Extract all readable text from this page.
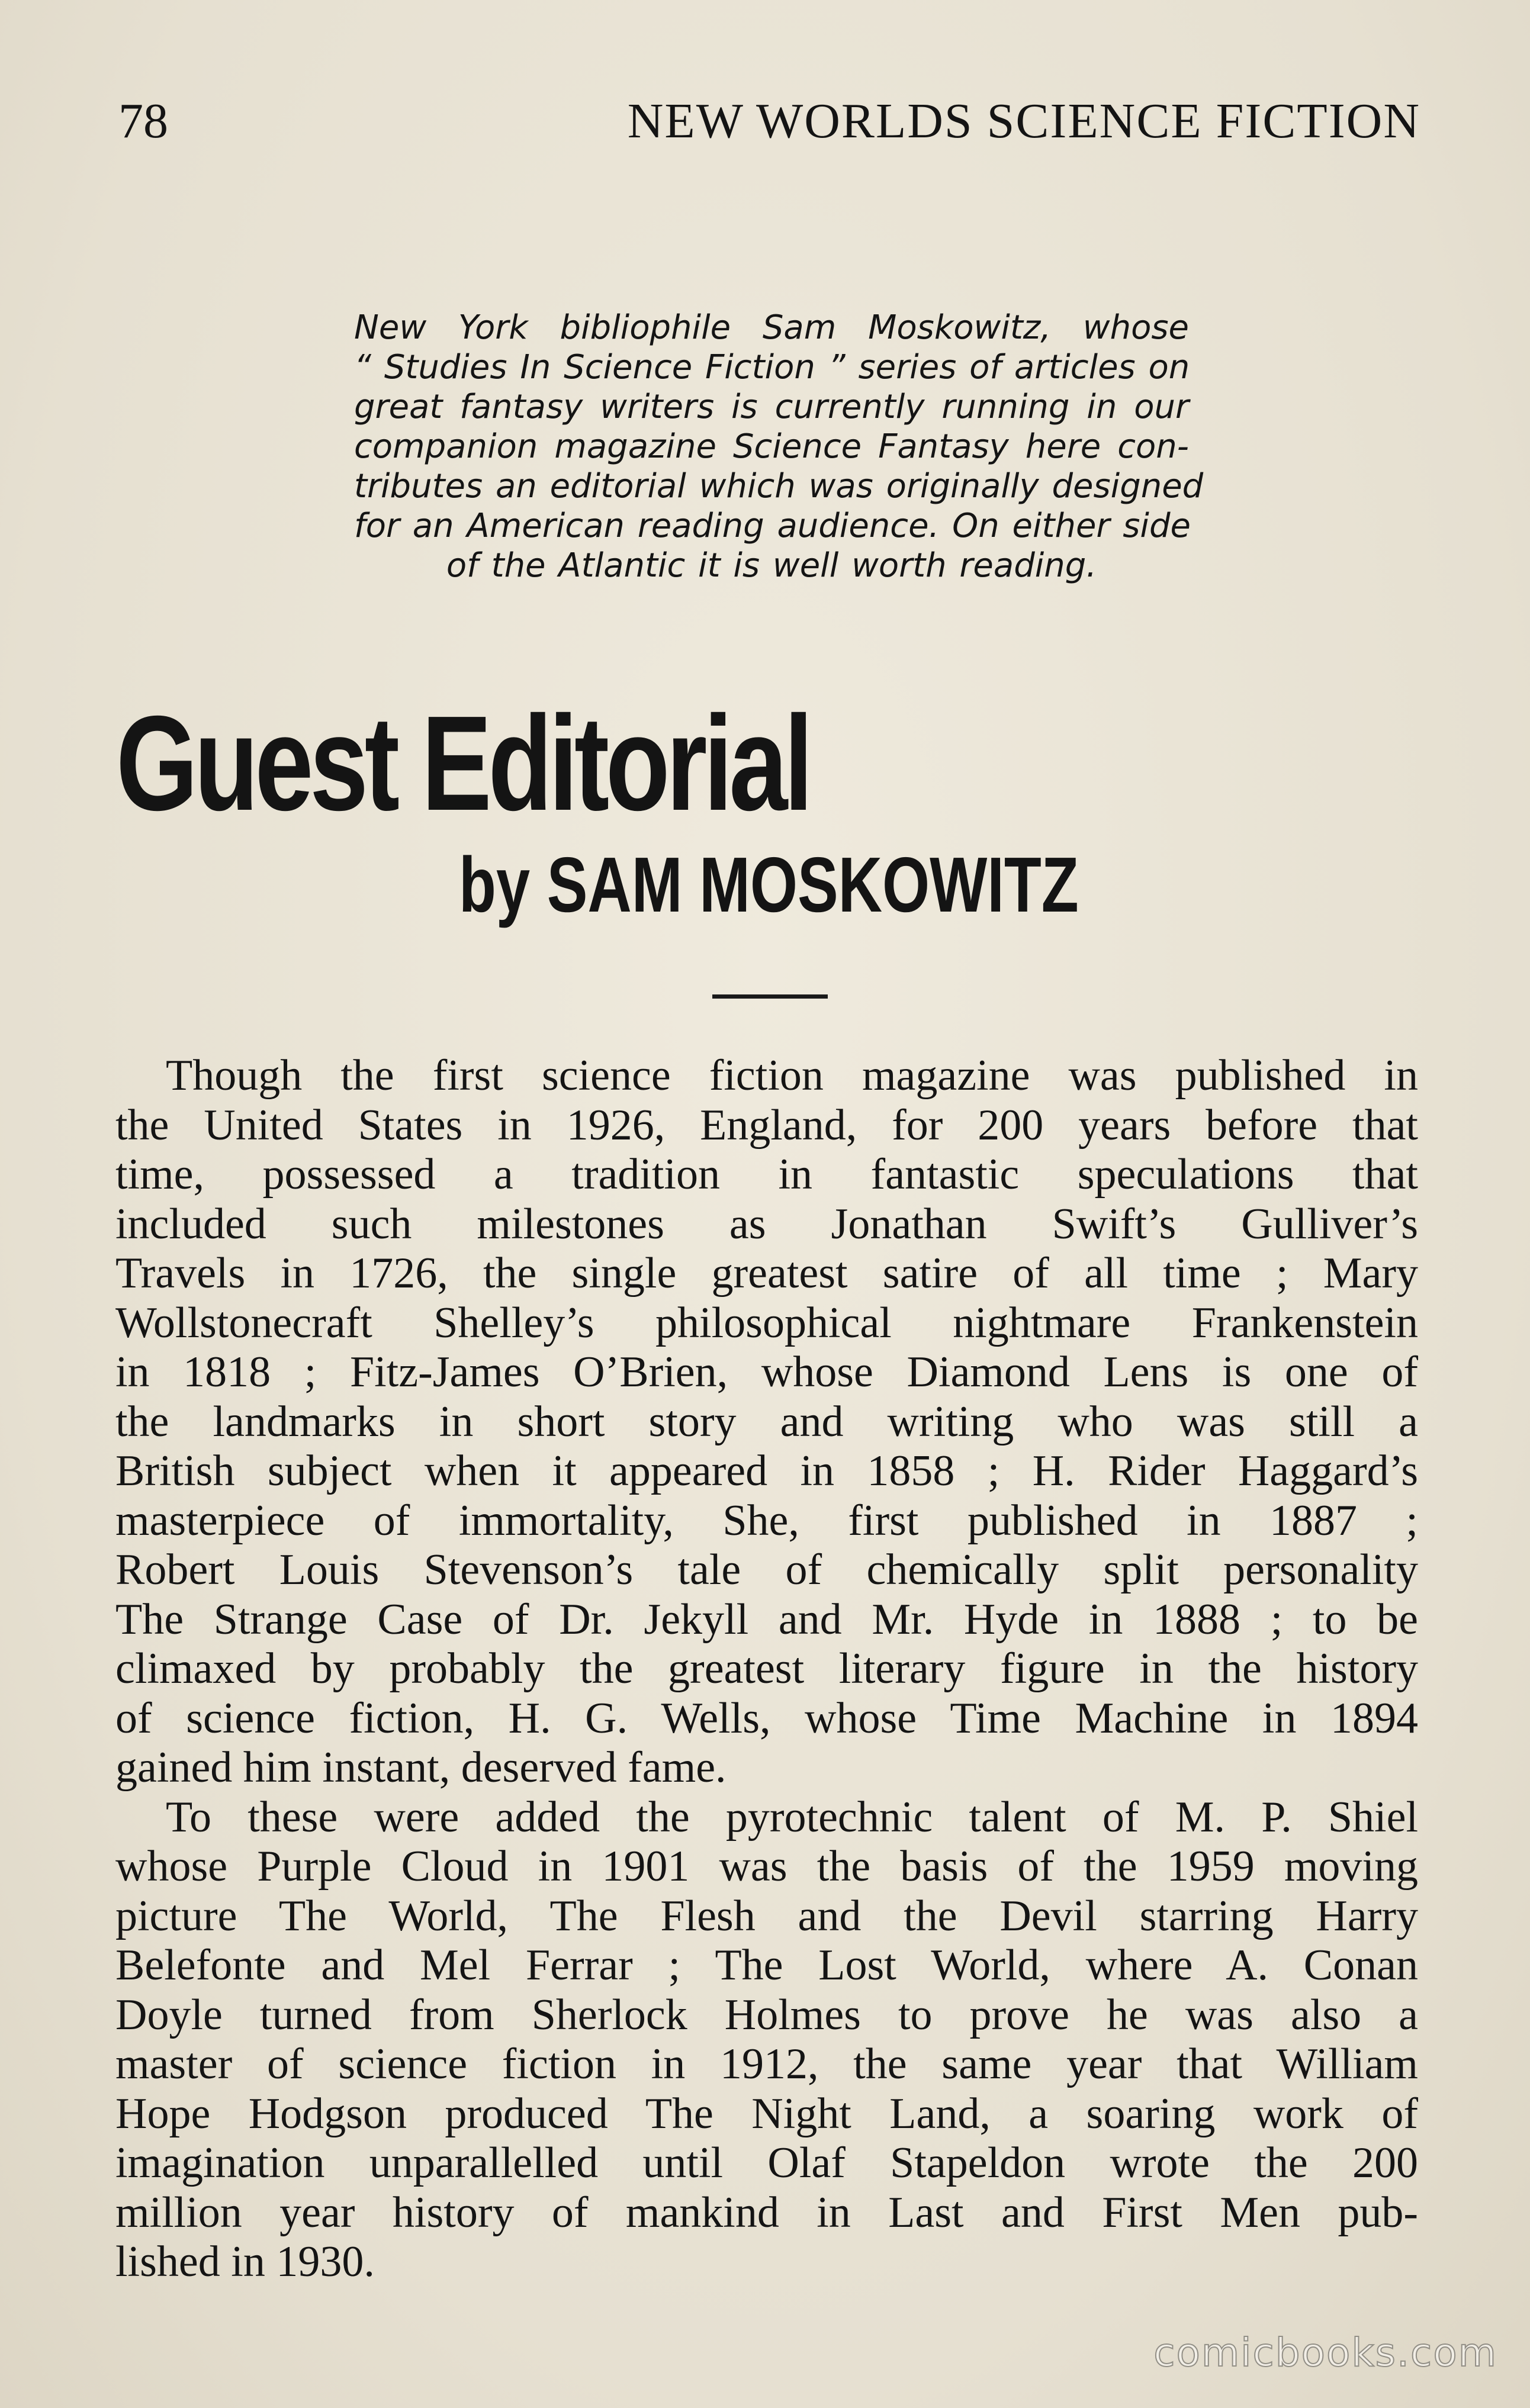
78	NEW WORLDS SCIENCE FICTION
New York bibliophile Sam Moskowitz, whose
“ Studies In Science Fiction ” series of articles on
great fantasy writers is currently running in our
companion magazine Science Fantasy here con-
tributes an editorial which was originally designed
for an American reading audience. On either side
of the Atlantic it is well worth reading.
Guest Editorial
by SAM MOSKOWITZ
Though the first science fiction magazine was published in
the United States in 1926, England, for 200 years before that
time, possessed a tradition in fantastic speculations that
included such milestones as Jonathan Swift’s Gulliver’s
Travels in 1726, the single greatest satire of all time ; Mary
Wollstonecraft Shelley’s philosophical nightmare Frankenstein
in 1818 ; Fitz-James O’Brien, whose Diamond Lens is one of
the landmarks in short story and writing who was still a
British subject when it appeared in 1858 ; H. Rider Haggard’s
masterpiece of immortality, She, first published in 1887 ;
Robert Louis Stevenson’s tale of chemically split personality
The Strange Case of Dr. Jekyll and Mr. Hyde in 1888 ; to be
climaxed by probably the greatest literary figure in the history
of science fiction, H. G. Wells, whose Time Machine in 1894
gained him instant, deserved fame.
To these were added the pyrotechnic talent of M. P. Shiel
whose Purple Cloud in 1901 was the basis of the 1959 moving
picture The World, The Flesh and the Devil starring Harry
Belefonte and Mel Ferrar ; The Lost World, where A. Conan
Doyle turned from Sherlock Holmes to prove he was also a
master of science fiction in 1912, the same year that William
Hope Hodgson produced The Night Land, a soaring work of
imagination unparallelled until Olaf Stapeldon wrote the 200
million year history of mankind in Last and First Men pub-
lished in 1930.
comicbooks.com
